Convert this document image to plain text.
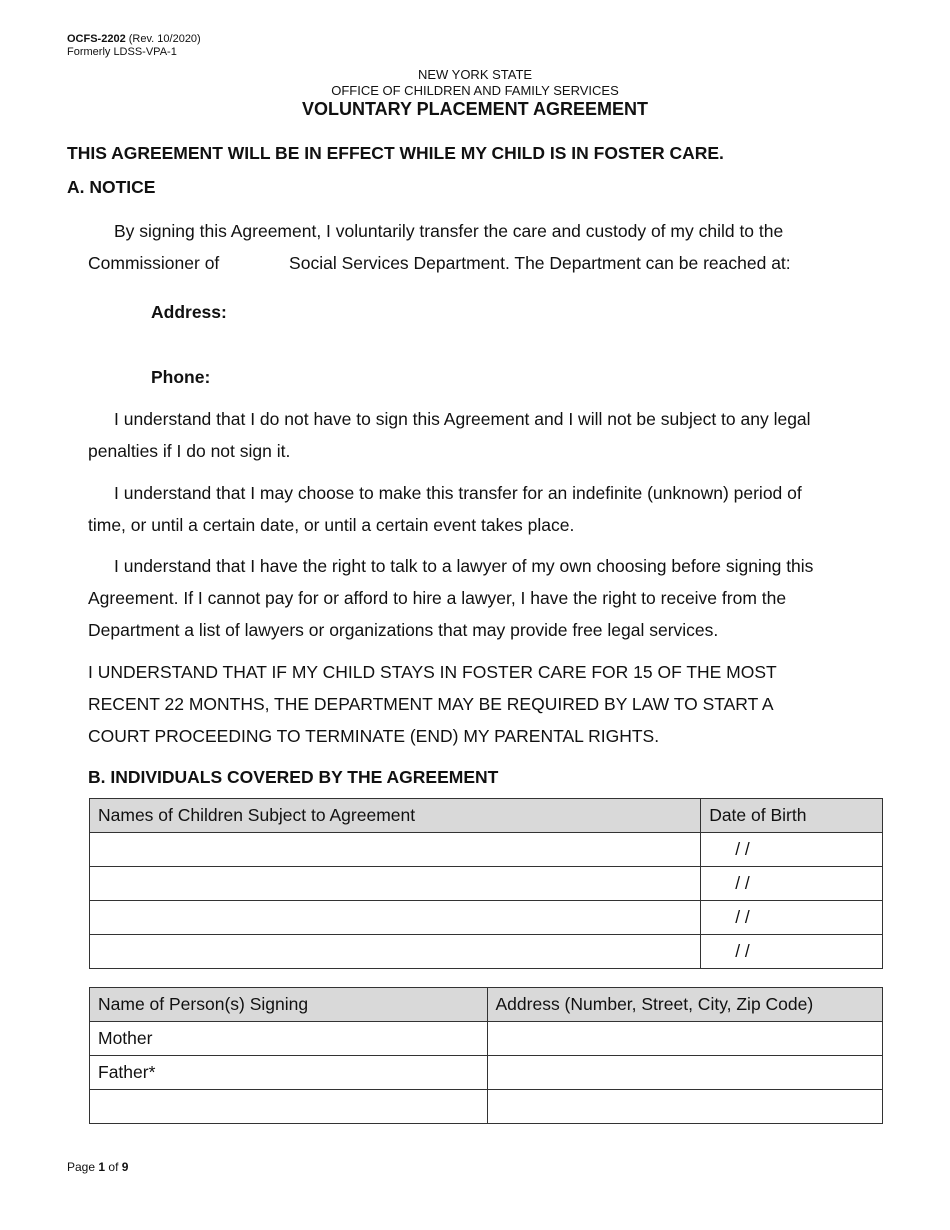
OCFS-2202 (Rev. 10/2020)
Formerly LDSS-VPA-1
NEW YORK STATE
OFFICE OF CHILDREN AND FAMILY SERVICES
VOLUNTARY PLACEMENT AGREEMENT
THIS AGREEMENT WILL BE IN EFFECT WHILE MY CHILD IS IN FOSTER CARE.
A. NOTICE
By signing this Agreement, I voluntarily transfer the care and custody of my child to the
Commissioner of	Social Services Department. The Department can be reached at:
Address:
Phone:
I understand that I do not have to sign this Agreement and I will not be subject to any legal
penalties if I do not sign it.
I understand that I may choose to make this transfer for an indefinite (unknown) period of
time, or until a certain date, or until a certain event takes place.
I understand that I have the right to talk to a lawyer of my own choosing before signing this
Agreement. If I cannot pay for or afford to hire a lawyer, I have the right to receive from the
Department a list of lawyers or organizations that may provide free legal services.
I UNDERSTAND THAT IF MY CHILD STAYS IN FOSTER CARE FOR 15 OF THE MOST
RECENT 22 MONTHS, THE DEPARTMENT MAY BE REQUIRED BY LAW TO START A
COURT PROCEEDING TO TERMINATE (END) MY PARENTAL RIGHTS.
B. INDIVIDUALS COVERED BY THE AGREEMENT
Names of Children Subject to Agreement	Date of Birth
	/ /
	/ /
	/ /
	/ /
Name of Person(s) Signing	Address (Number, Street, City, Zip Code)
Mother	
Father*	

Page 1 of 9
